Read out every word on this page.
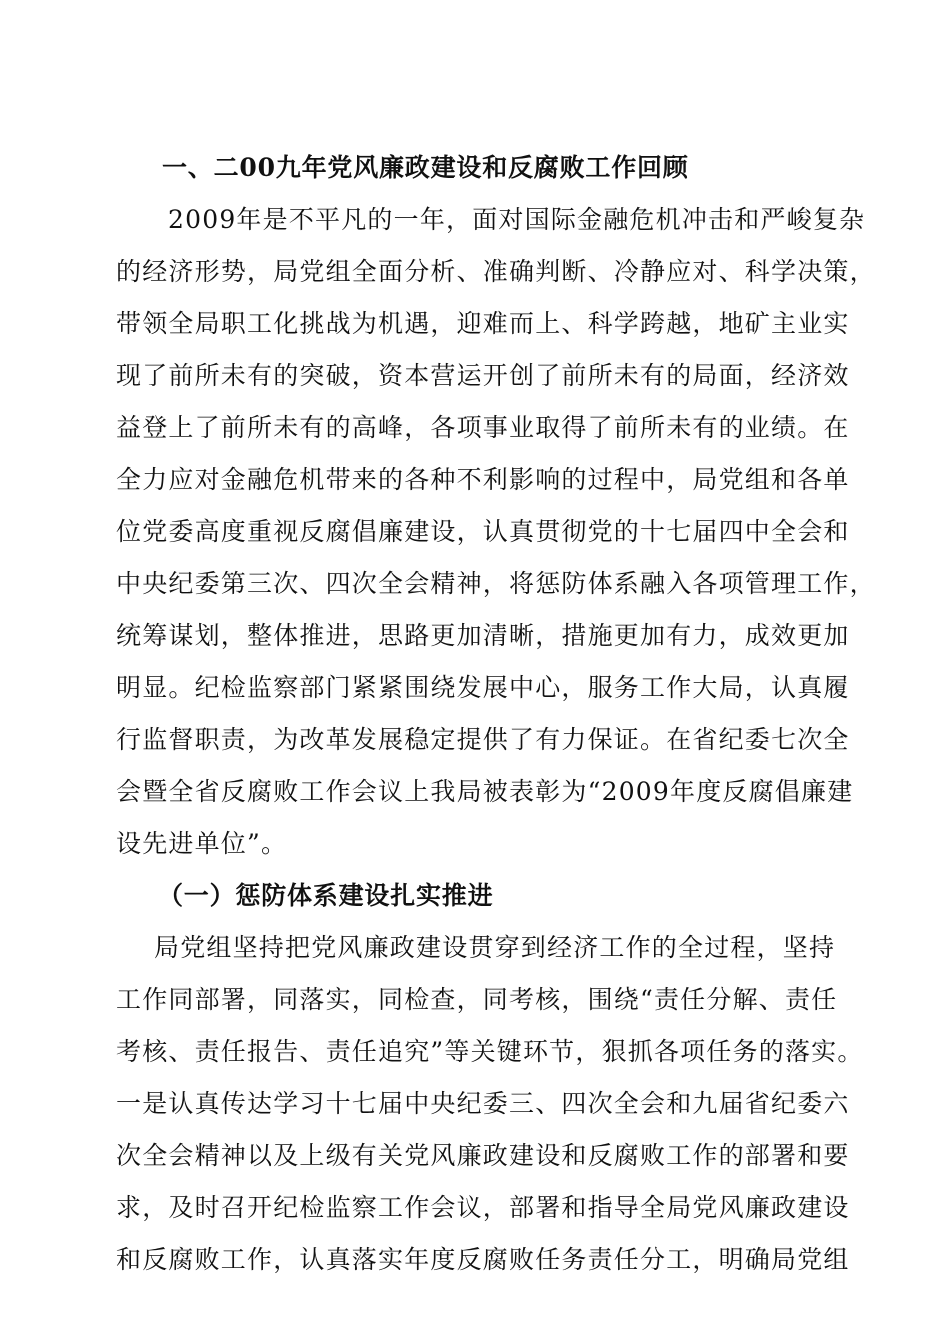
一、二00九年党风廉政建设和反腐败工作回顾
2009年是不平凡的一年，面对国际金融危机冲击和严峻复杂
的经济形势，局党组全面分析、准确判断、冷静应对、科学决策，
带领全局职工化挑战为机遇，迎难而上、科学跨越，地矿主业实
现了前所未有的突破，资本营运开创了前所未有的局面，经济效
益登上了前所未有的高峰，各项事业取得了前所未有的业绩。在
全力应对金融危机带来的各种不利影响的过程中，局党组和各单
位党委高度重视反腐倡廉建设，认真贯彻党的十七届四中全会和
中央纪委第三次、四次全会精神，将惩防体系融入各项管理工作，
统筹谋划，整体推进，思路更加清晰，措施更加有力，成效更加
明显。纪检监察部门紧紧围绕发展中心，服务工作大局，认真履
行监督职责，为改革发展稳定提供了有力保证。在省纪委七次全
会暨全省反腐败工作会议上我局被表彰为“2009年度反腐倡廉建
设先进单位”。
（一）惩防体系建设扎实推进
局党组坚持把党风廉政建设贯穿到经济工作的全过程，坚持
工作同部署，同落实，同检查，同考核，围绕“责任分解、责任
考核、责任报告、责任追究”等关键环节，狠抓各项任务的落实。
一是认真传达学习十七届中央纪委三、四次全会和九届省纪委六
次全会精神以及上级有关党风廉政建设和反腐败工作的部署和要
求，及时召开纪检监察工作会议，部署和指导全局党风廉政建设
和反腐败工作，认真落实年度反腐败任务责任分工，明确局党组
